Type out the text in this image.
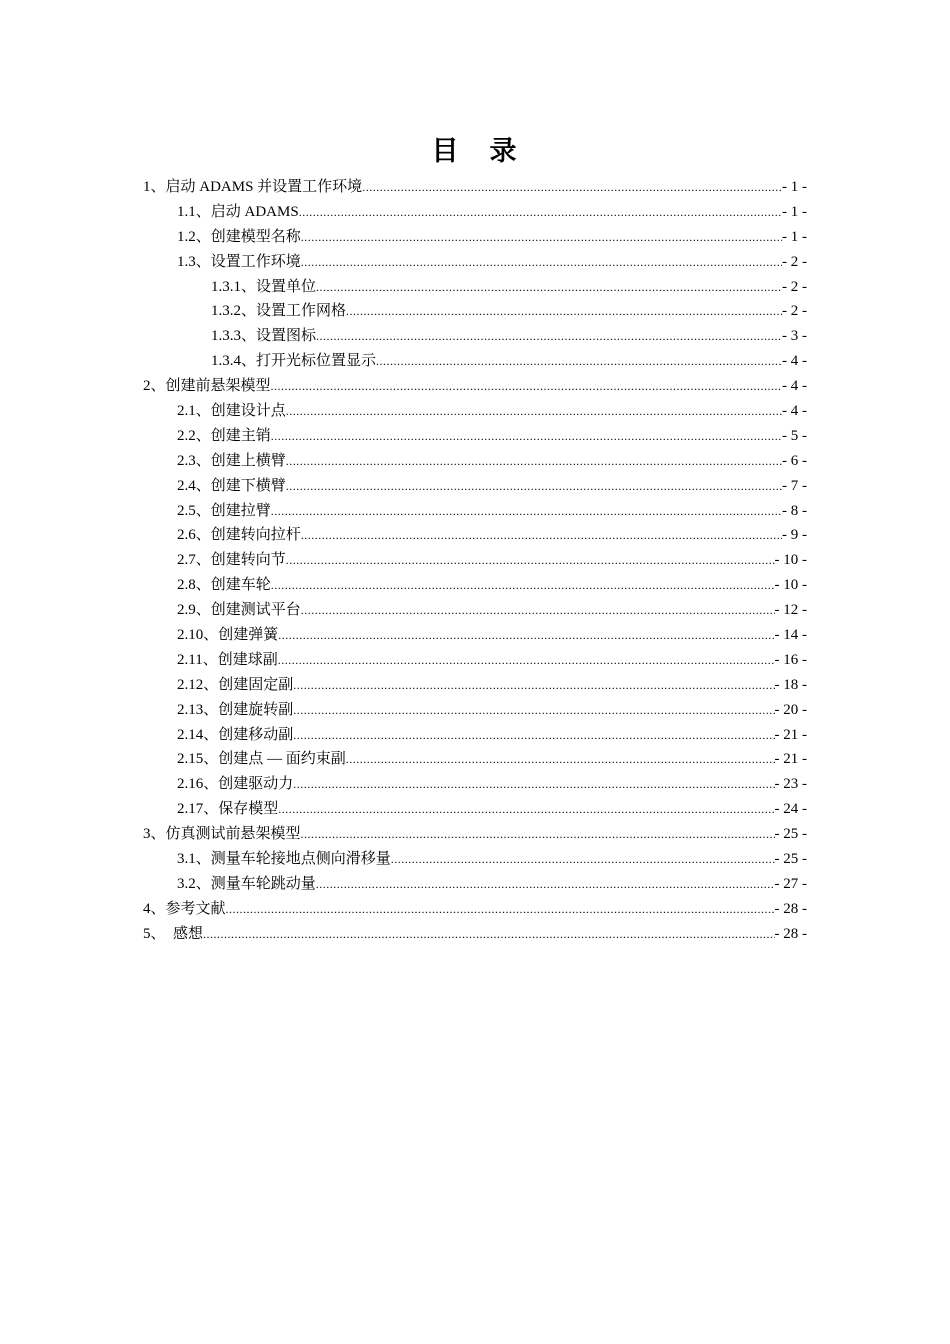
目　录
1、启动 ADAMS 并设置工作环境 .....	- 1 -
1.1、启动 ADAMS .....	- 1 -
1.2、创建模型名称 .....	- 1 -
1.3、设置工作环境 .....	- 2 -
1.3.1、设置单位 .....	- 2 -
1.3.2、设置工作网格 .....	- 2 -
1.3.3、设置图标 .....	- 3 -
1.3.4、打开光标位置显示 .....	- 4 -
2、创建前悬架模型 .....	- 4 -
2.1、创建设计点 .....	- 4 -
2.2、创建主销 .....	- 5 -
2.3、创建上横臂 .....	- 6 -
2.4、创建下横臂 .....	- 7 -
2.5、创建拉臂 .....	- 8 -
2.6、创建转向拉杆 .....	- 9 -
2.7、创建转向节 .....	- 10 -
2.8、创建车轮 .....	- 10 -
2.9、创建测试平台 .....	- 12 -
2.10、创建弹簧 .....	- 14 -
2.11、创建球副 .....	- 16 -
2.12、创建固定副 .....	- 18 -
2.13、创建旋转副 .....	- 20 -
2.14、创建移动副 .....	- 21 -
2.15、创建点 — 面约束副 .....	- 21 -
2.16、创建驱动力 .....	- 23 -
2.17、保存模型 .....	- 24 -
3、仿真测试前悬架模型 .....	- 25 -
3.1、测量车轮接地点侧向滑移量 .....	- 25 -
3.2、测量车轮跳动量 .....	- 27 -
4、参考文献 .....	- 28 -
5、　感想 .....	- 28 -
